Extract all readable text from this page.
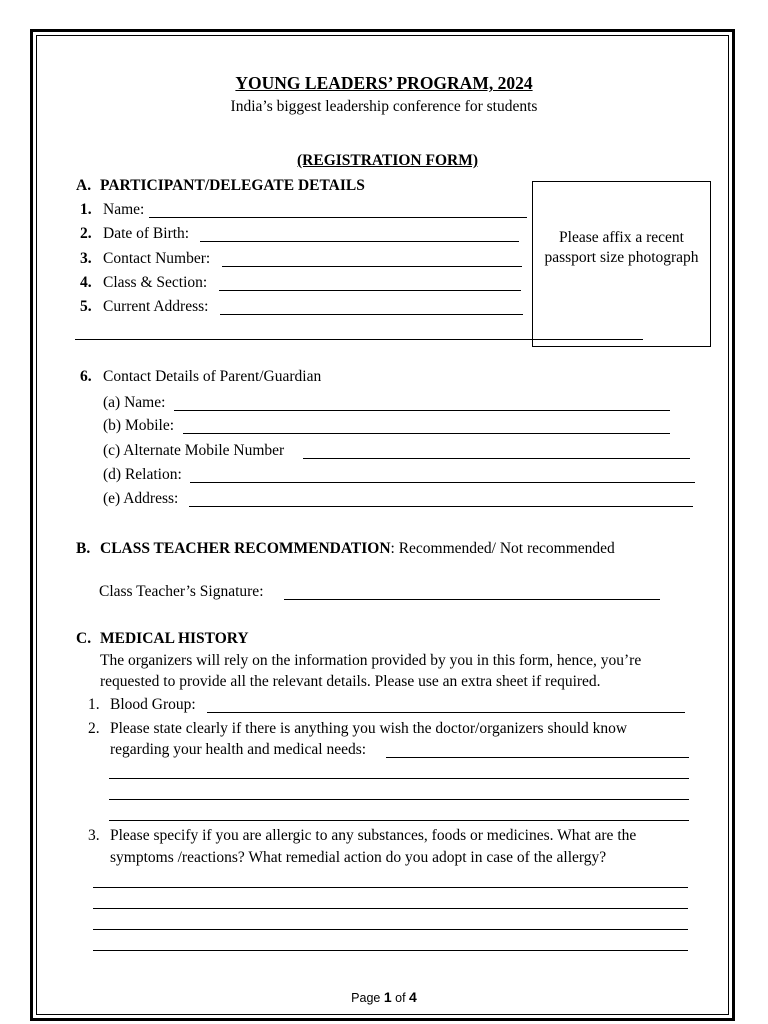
YOUNG LEADERS’ PROGRAM, 2024
India’s biggest leadership conference for students
(REGISTRATION FORM)
A. PARTICIPANT/DELEGATE DETAILS
1. Name:
2. Date of Birth:
3. Contact Number:
4. Class & Section:
5. Current Address:
Please affix a recent passport size photograph
6. Contact Details of Parent/Guardian
(a) Name:
(b) Mobile:
(c) Alternate Mobile Number
(d) Relation:
(e) Address:
B. CLASS TEACHER RECOMMENDATION: Recommended/ Not recommended
Class Teacher’s Signature:
C. MEDICAL HISTORY
The organizers will rely on the information provided by you in this form, hence, you’re
requested to provide all the relevant details. Please use an extra sheet if required.
1. Blood Group:
2. Please state clearly if there is anything you wish the doctor/organizers should know
regarding your health and medical needs:
3. Please specify if you are allergic to any substances, foods or medicines. What are the
symptoms /reactions? What remedial action do you adopt in case of the allergy?
Page 1 of 4
